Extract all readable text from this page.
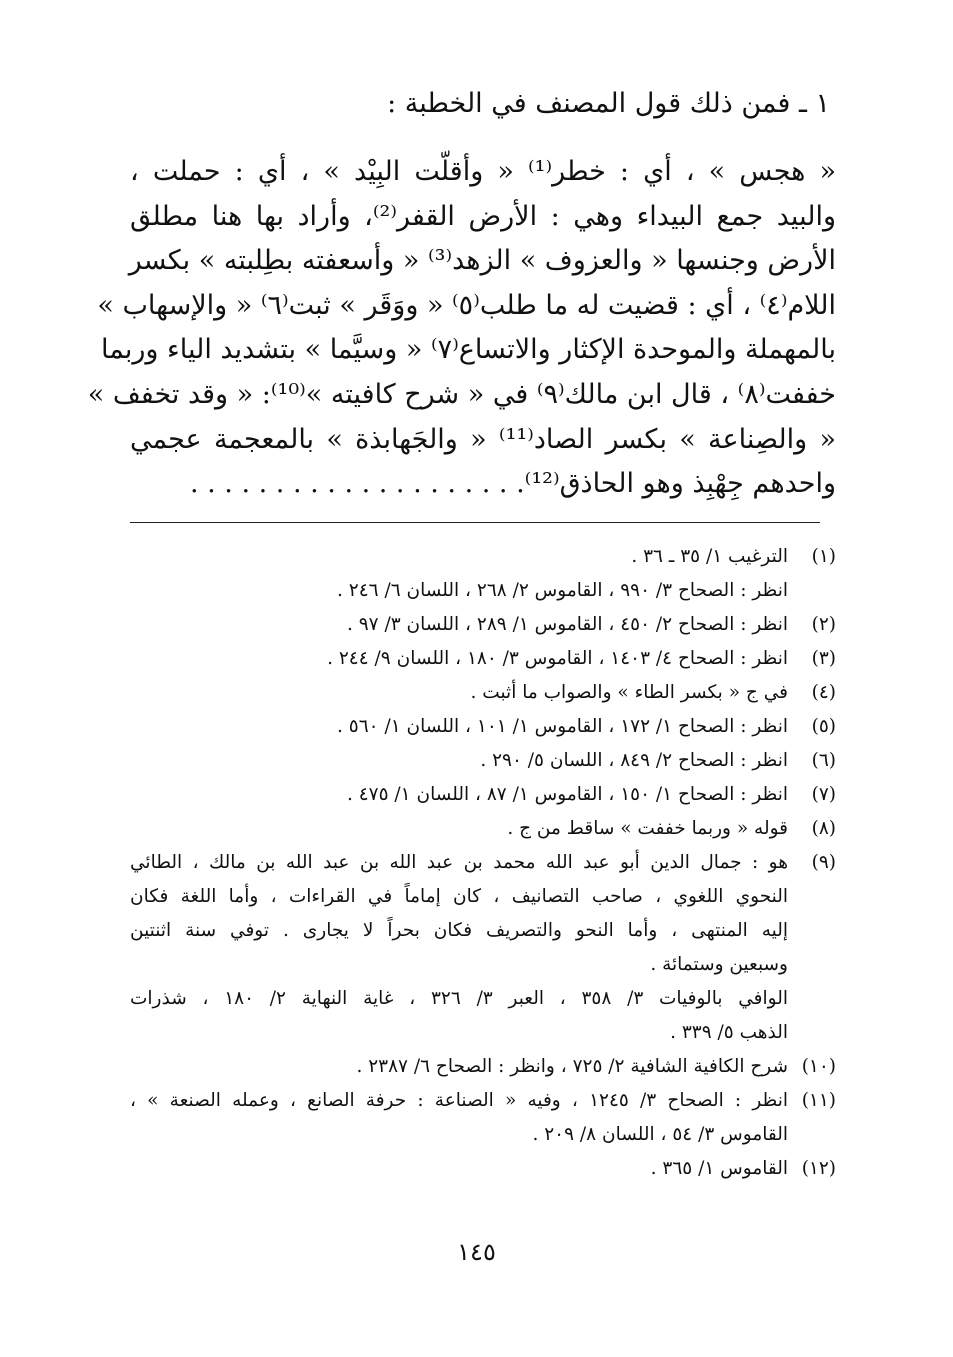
١ ـ فمن ذلك قول المصنف في الخطبة :
« هجس » ، أي : خطر⁽¹⁾ « وأقلّت البِيْد » ، أي : حملت ،
والبيد جمع البيداء وهي : الأرض القفر⁽²⁾، وأراد بها هنا مطلق
الأرض وجنسها « والعزوف » الزهد⁽³⁾ « وأسعفته بطِلبته » بكسر
اللام⁽٤⁾ ، أي : قضيت له ما طلب⁽٥⁾ « ووَقَر » ثبت⁽٦⁾ « والإسهاب »
بالمهملة والموحدة الإكثار والاتساع⁽٧⁾ « وسيَّما » بتشديد الياء وربما
خففت⁽٨⁾ ، قال ابن مالك⁽٩⁾ في « شرح كافيته »⁽¹⁰⁾: « وقد تخفف »
« والصِناعة » بكسر الصاد⁽¹¹⁾ « والجَهابذة » بالمعجمة عجمي
واحدهم جِهْبِذ وهو الحاذق⁽¹²⁾. . . . . . . . . . . . . . . . . . . .
(١)
الترغيب ١/ ٣٥ ـ ٣٦ .
انظر : الصحاح ٣/ ٩٩٠ ، القاموس ٢/ ٢٦٨ ، اللسان ٦/ ٢٤٦ .
(٢)
انظر : الصحاح ٢/ ٤٥٠ ، القاموس ١/ ٢٨٩ ، اللسان ٣/ ٩٧ .
(٣)
انظر : الصحاح ٤/ ١٤٠٣ ، القاموس ٣/ ١٨٠ ، اللسان ٩/ ٢٤٤ .
(٤)
في ج « بكسر الطاء » والصواب ما أثبت .
(٥)
انظر : الصحاح ١/ ١٧٢ ، القاموس ١/ ١٠١ ، اللسان ١/ ٥٦٠ .
(٦)
انظر : الصحاح ٢/ ٨٤٩ ، اللسان ٥/ ٢٩٠ .
(٧)
انظر : الصحاح ١/ ١٥٠ ، القاموس ١/ ٨٧ ، اللسان ١/ ٤٧٥ .
(٨)
قوله « وربما خففت » ساقط من ج .
(٩)
هو : جمال الدين أبو عبد الله محمد بن عبد الله بن عبد الله بن مالك ، الطائي
النحوي اللغوي ، صاحب التصانيف ، كان إماماً في القراءات ، وأما اللغة فكان
إليه المنتهى ، وأما النحو والتصريف فكان بحراً لا يجارى . توفي سنة اثنتين
وسبعين وستمائة .
الوافي بالوفيات ٣/ ٣٥٨ ، العبر ٣/ ٣٢٦ ، غاية النهاية ٢/ ١٨٠ ، شذرات
الذهب ٥/ ٣٣٩ .
(١٠)
شرح الكافية الشافية ٢/ ٧٢٥ ، وانظر : الصحاح ٦/ ٢٣٨٧ .
(١١)
انظر : الصحاح ٣/ ١٢٤٥ ، وفيه « الصناعة : حرفة الصانع ، وعمله الصنعة » ،
القاموس ٣/ ٥٤ ، اللسان ٨/ ٢٠٩ .
(١٢)
القاموس ١/ ٣٦٥ .
١٤٥
